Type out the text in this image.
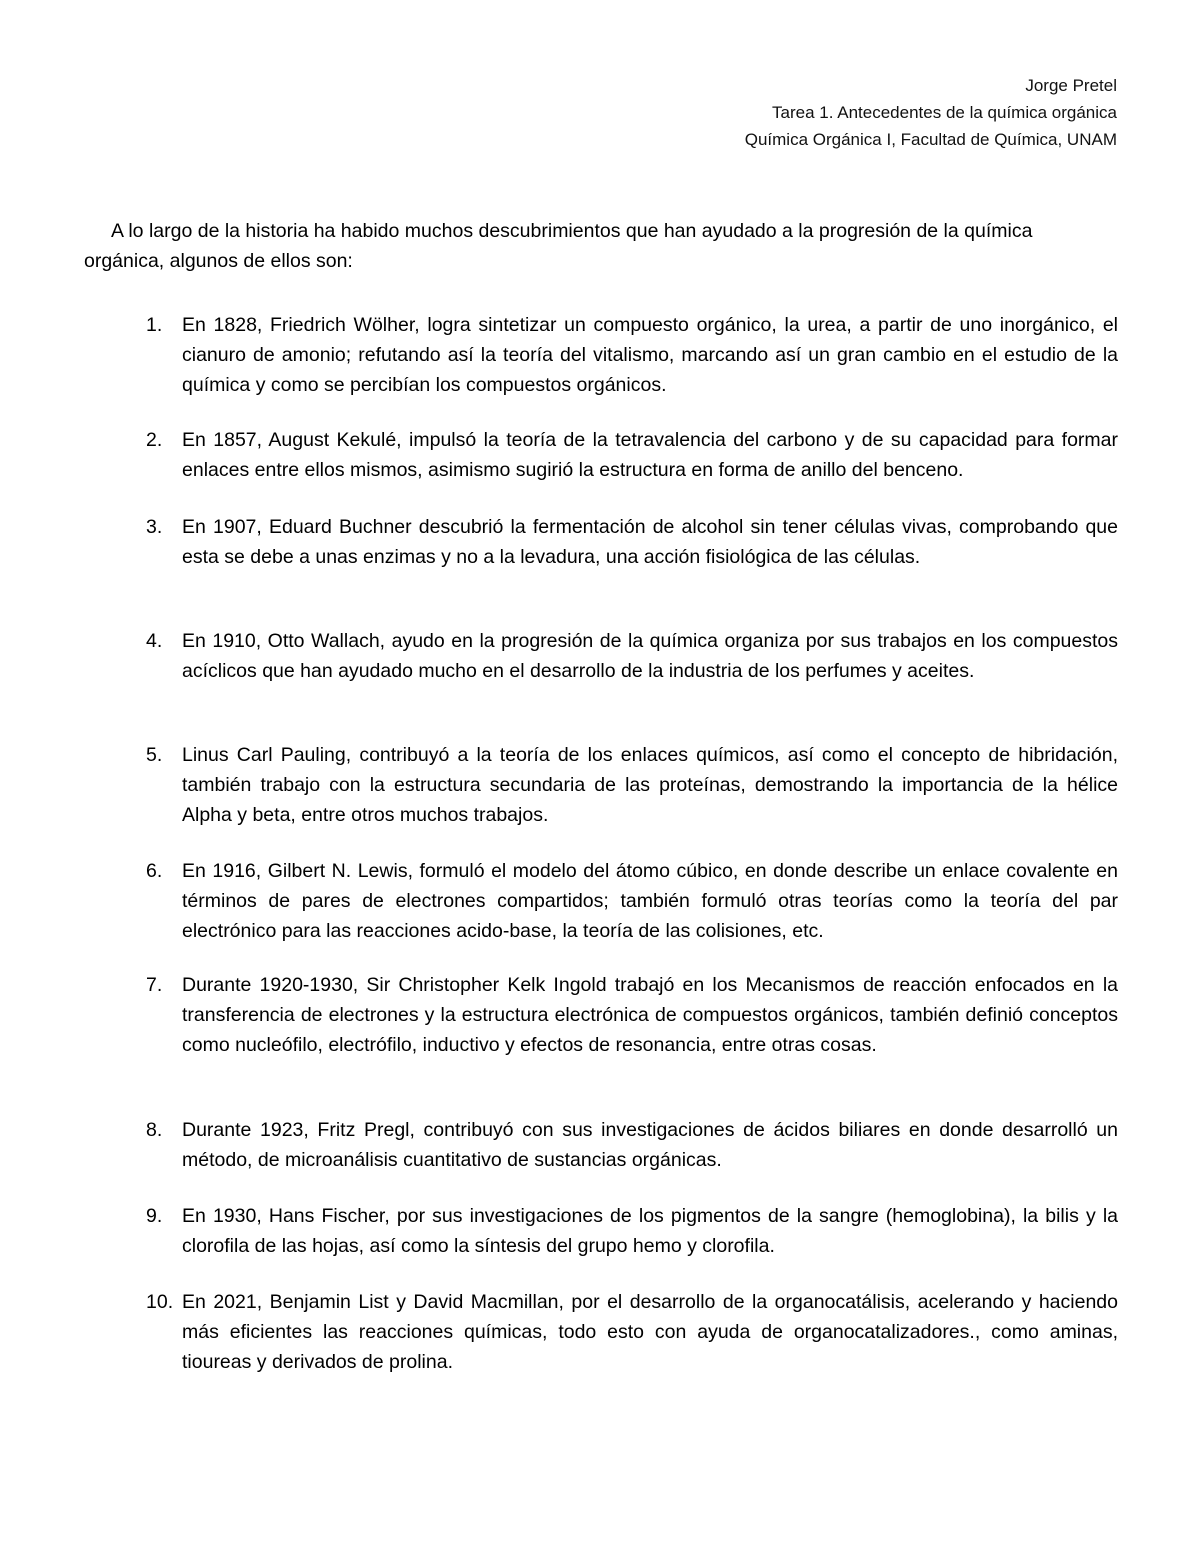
Jorge Pretel
Tarea 1. Antecedentes de la química orgánica
Química Orgánica I, Facultad de Química, UNAM

A lo largo de la historia ha habido muchos descubrimientos que han ayudado a la progresión de la química orgánica, algunos de ellos son:

1. En 1828, Friedrich Wölher, logra sintetizar un compuesto orgánico, la urea, a partir de uno inorgánico, el cianuro de amonio; refutando así la teoría del vitalismo, marcando así un gran cambio en el estudio de la química y como se percibían los compuestos orgánicos.

2. En 1857, August Kekulé, impulsó la teoría de la tetravalencia del carbono y de su capacidad para formar enlaces entre ellos mismos, asimismo sugirió la estructura en forma de anillo del benceno.

3. En 1907, Eduard Buchner descubrió la fermentación de alcohol sin tener células vivas, comprobando que esta se debe a unas enzimas y no a la levadura, una acción fisiológica de las células.

4. En 1910, Otto Wallach, ayudo en la progresión de la química organiza por sus trabajos en los compuestos acíclicos que han ayudado mucho en el desarrollo de la industria de los perfumes y aceites.

5. Linus Carl Pauling, contribuyó a la teoría de los enlaces químicos, así como el concepto de hibridación, también trabajo con la estructura secundaria de las proteínas, demostrando la importancia de la hélice Alpha y beta, entre otros muchos trabajos.

6. En 1916, Gilbert N. Lewis, formuló el modelo del átomo cúbico, en donde describe un enlace covalente en términos de pares de electrones compartidos; también formuló otras teorías como la teoría del par electrónico para las reacciones acido-base, la teoría de las colisiones, etc.

7. Durante 1920-1930, Sir Christopher Kelk Ingold trabajó en los Mecanismos de reacción enfocados en la transferencia de electrones y la estructura electrónica de compuestos orgánicos, también definió conceptos como nucleófilo, electrófilo, inductivo y efectos de resonancia, entre otras cosas.

8. Durante 1923, Fritz Pregl, contribuyó con sus investigaciones de ácidos biliares en donde desarrolló un método, de microanálisis cuantitativo de sustancias orgánicas.

9. En 1930, Hans Fischer, por sus investigaciones de los pigmentos de la sangre (hemoglobina), la bilis y la clorofila de las hojas, así como la síntesis del grupo hemo y clorofila.

10. En 2021, Benjamin List y David Macmillan, por el desarrollo de la organocatálisis, acelerando y haciendo más eficientes las reacciones químicas, todo esto con ayuda de organocatalizadores., como aminas, tioureas y derivados de prolina.
